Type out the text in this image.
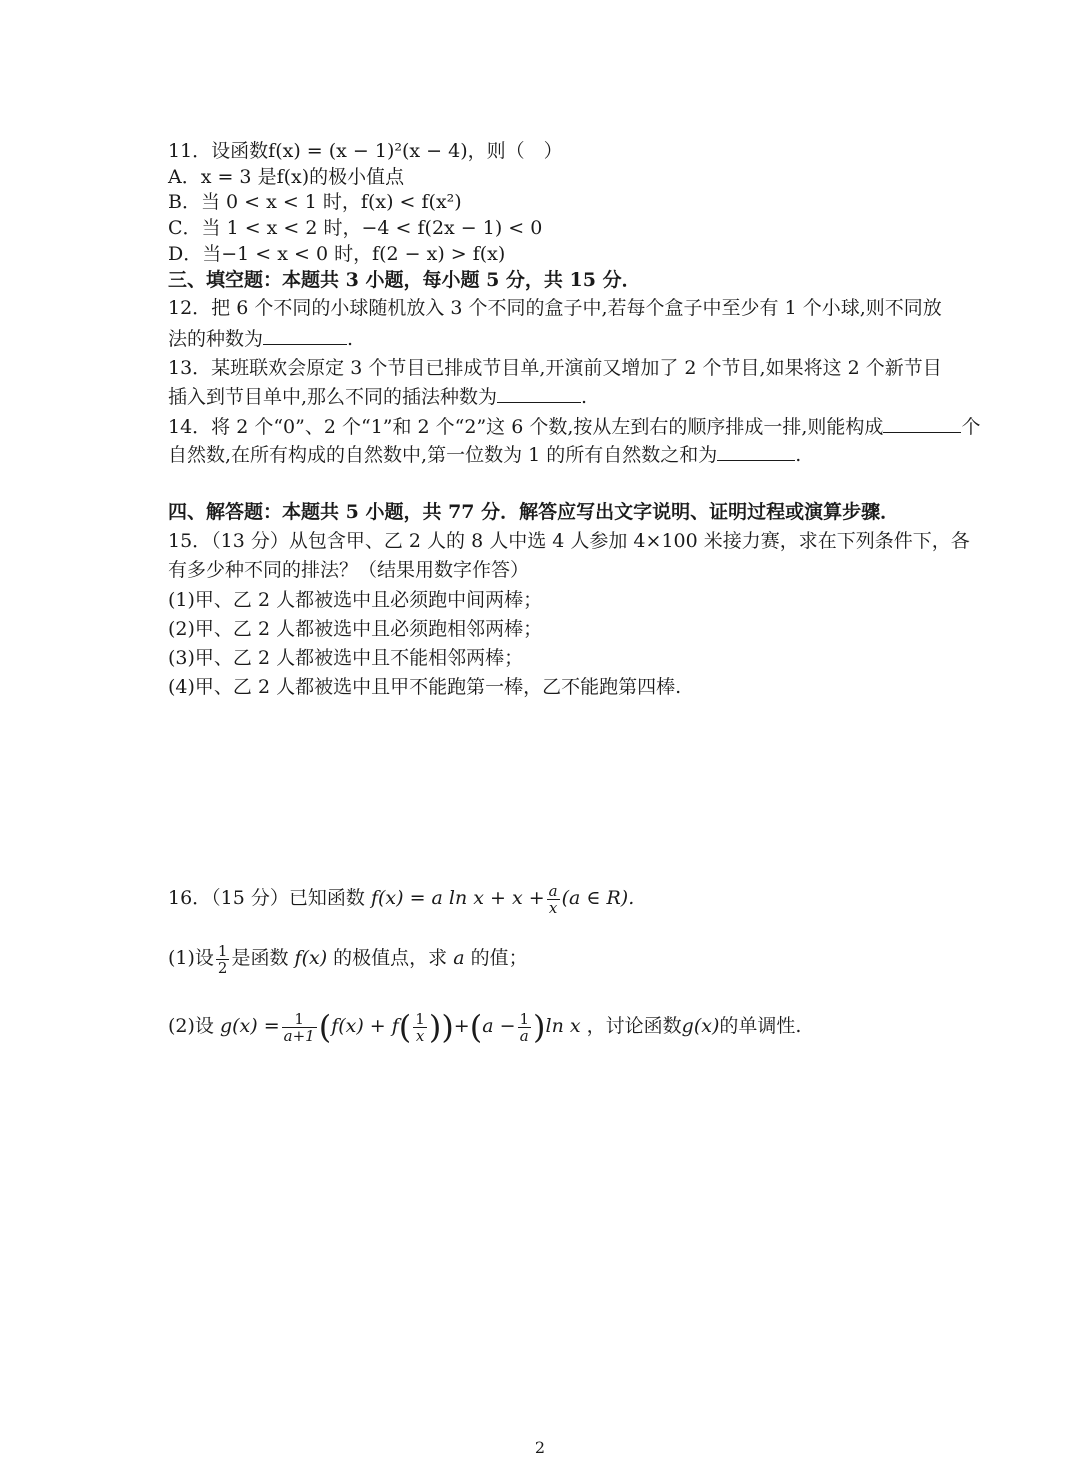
11．设函数f(x) = (x − 1)²(x − 4)，则（　）
A．x = 3 是f(x)的极小值点
B．当 0 < x < 1 时，f(x) < f(x²)
C．当 1 < x < 2 时，−4 < f(2x − 1) < 0
D．当−1 < x < 0 时，f(2 − x) > f(x)
三、填空题：本题共 3 小题，每小题 5 分，共 15 分．
12．把 6 个不同的小球随机放入 3 个不同的盒子中,若每个盒子中至少有 1 个小球,则不同放
法的种数为	.
13．某班联欢会原定 3 个节目已排成节目单,开演前又增加了 2 个节目,如果将这 2 个新节目
插入到节目单中,那么不同的插法种数为	.
14．将 2 个“0”、2 个“1”和 2 个“2”这 6 个数,按从左到右的顺序排成一排,则能构成	个
自然数,在所有构成的自然数中,第一位数为 1 的所有自然数之和为	.
四、解答题：本题共 5 小题，共 77 分．解答应写出文字说明、证明过程或演算步骤．
15．（13 分）从包含甲、乙 2 人的 8 人中选 4 人参加 4×100 米接力赛，求在下列条件下，各
有多少种不同的排法？（结果用数字作答）
(1)甲、乙 2 人都被选中且必须跑中间两棒；
(2)甲、乙 2 人都被选中且必须跑相邻两棒；
(3)甲、乙 2 人都被选中且不能相邻两棒；
(4)甲、乙 2 人都被选中且甲不能跑第一棒，乙不能跑第四棒.
16．（15 分）已知函数 f(x) = a $\ln x + x + \frac{a}{x} (a$ ∈ R).
(1)设 $\frac{1}{2}$ 是函数 f(x) 的极值点，求 a 的值；
(2)设 $g(x) = \frac{1}{a+1} (f(x) + f( \frac{1}{x} ))+(a - \frac{1}{a} )\ln$ x ，讨论函数g(x)的单调性.
2
